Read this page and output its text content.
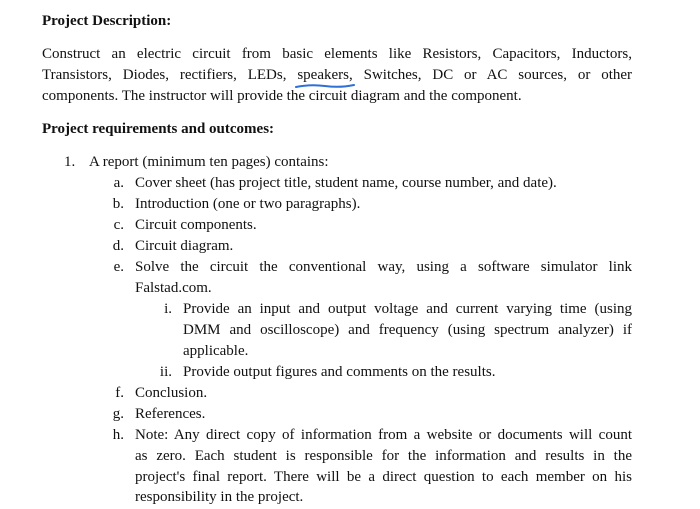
Project Description:
Construct an electric circuit from basic elements like Resistors, Capacitors, Inductors,
Transistors, Diodes, rectifiers, LEDs, speakers, Switches, DC or AC sources, or other
components. The instructor will provide the circuit diagram and the component.
Project requirements and outcomes:
1. A report (minimum ten pages) contains:
a. Cover sheet (has project title, student name, course number, and date).
b. Introduction (one or two paragraphs).
c. Circuit components.
d. Circuit diagram.
e. Solve the circuit the conventional way, using a software simulator link
Falstad.com.
i. Provide an input and output voltage and current varying time (using
DMM and oscilloscope) and frequency (using spectrum analyzer) if
applicable.
ii. Provide output figures and comments on the results.
f. Conclusion.
g. References.
h. Note: Any direct copy of information from a website or documents will count
as zero. Each student is responsible for the information and results in the
project's final report. There will be a direct question to each member on his
responsibility in the project.
